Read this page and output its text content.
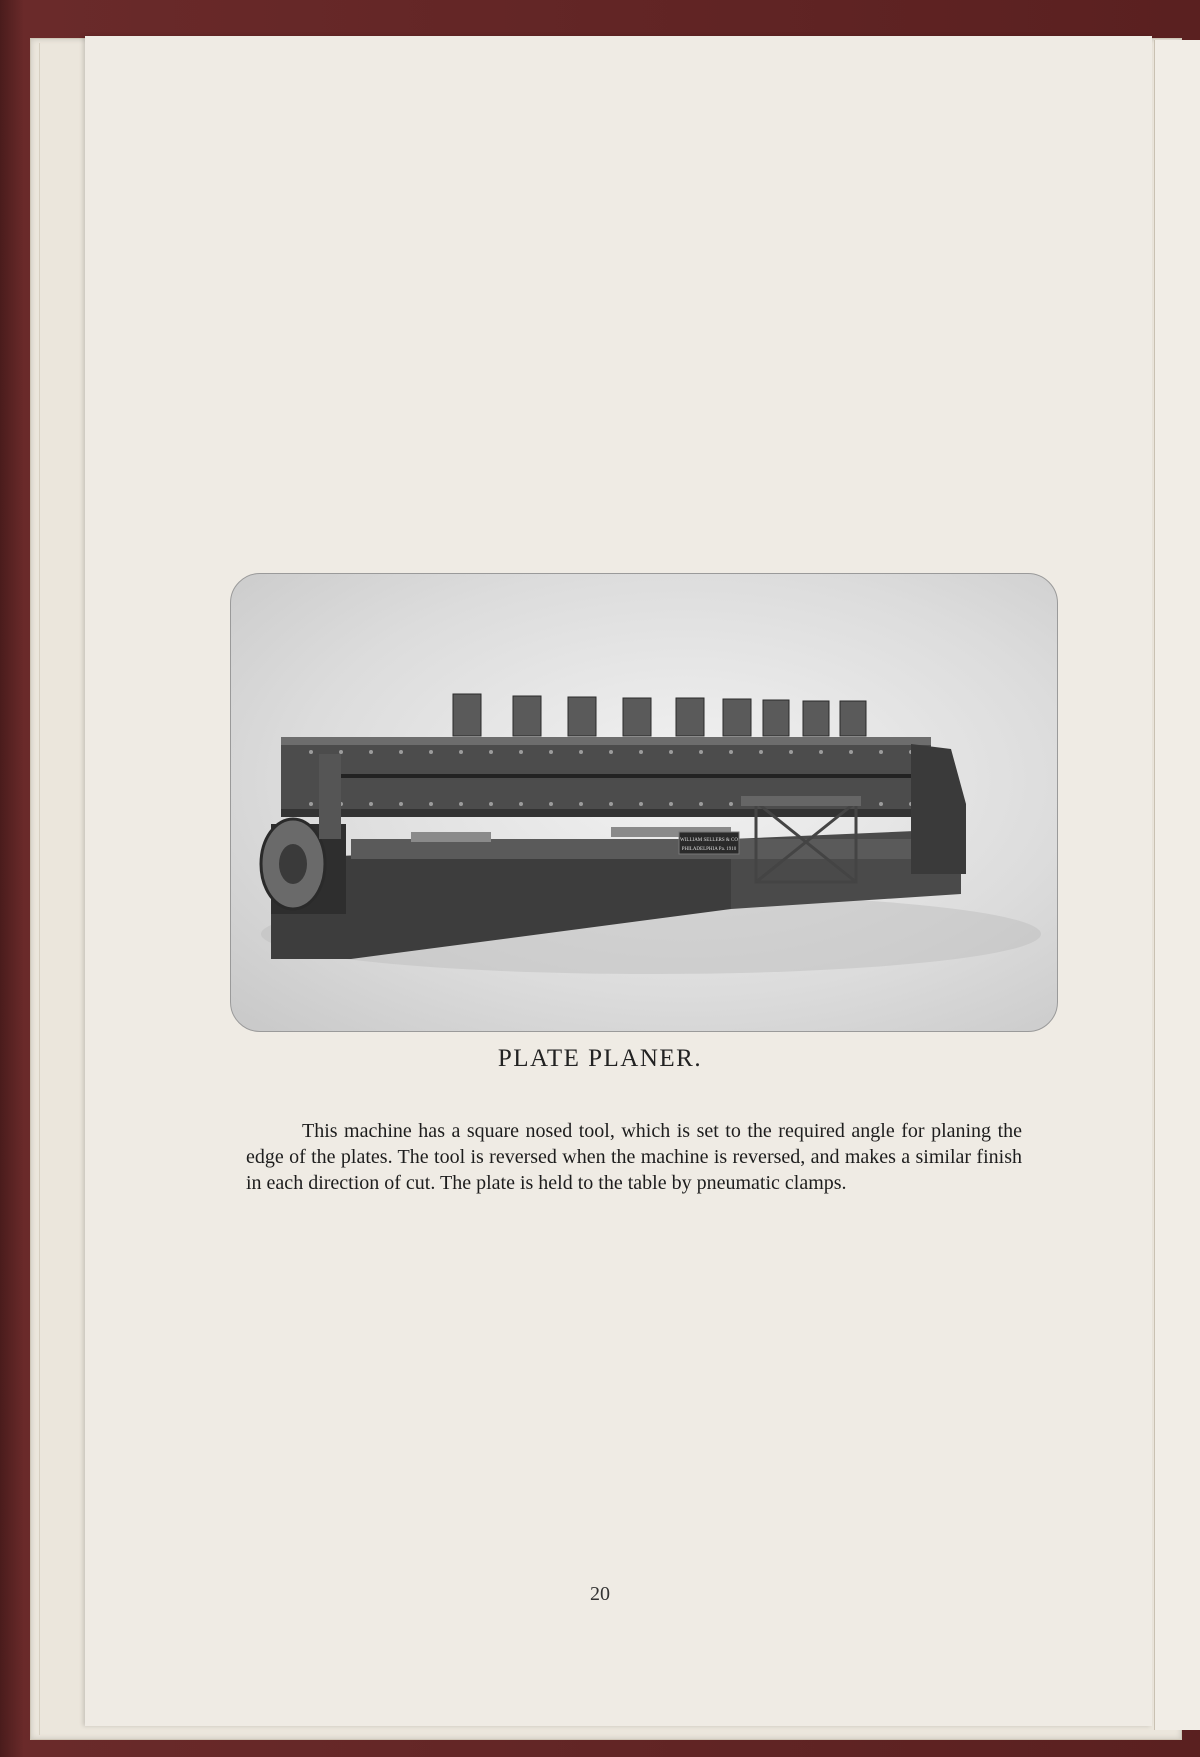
WILLIAM SELLERS & CO
PHILADELPHIA Pa. 1910
PLATE PLANER.

This machine has a square nosed tool, which is set to the required angle for planing the edge of the plates. The tool is reversed when the machine is reversed, and makes a similar finish in each direction of cut. The plate is held to the table by pneumatic clamps.

20
